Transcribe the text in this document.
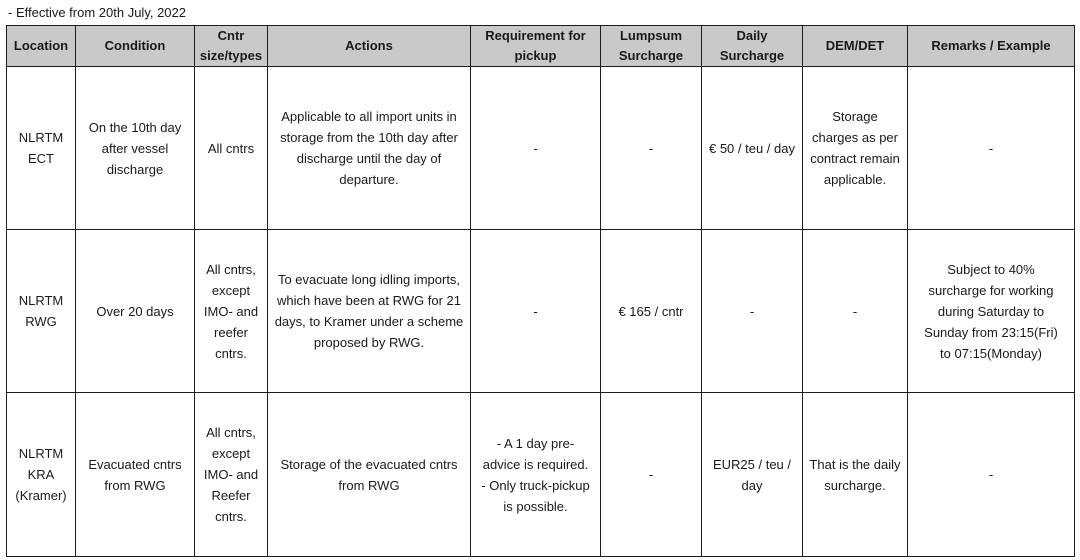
- Effective from 20th July, 2022
Location	Condition	Cntr
size/types	Actions	Requirement for
pickup	Lumpsum
Surcharge	Daily
Surcharge	DEM/DET	Remarks / Example
NLRTM
ECT	On the 10th day
after vessel
discharge	All cntrs	Applicable to all import units in
storage from the 10th day after
discharge until the day of
departure.	-	-	€ 50 / teu / day	Storage
charges as per
contract remain
applicable.	-
NLRTM
RWG	Over 20 days	All cntrs,
except
IMO- and
reefer
cntrs.	To evacuate long idling imports,
which have been at RWG for 21
days, to Kramer under a scheme
proposed by RWG.	-	€ 165 / cntr	-	-	Subject to 40%
surcharge for working
during Saturday to
Sunday from 23:15(Fri)
to 07:15(Monday)
NLRTM
KRA
(Kramer)	Evacuated cntrs
from RWG	All cntrs,
except
IMO- and
Reefer
cntrs.	Storage of the evacuated cntrs
from RWG	- A 1 day pre-
advice is required.
- Only truck-pickup
is possible.	-	EUR25 / teu /
day	That is the daily
surcharge.	-
